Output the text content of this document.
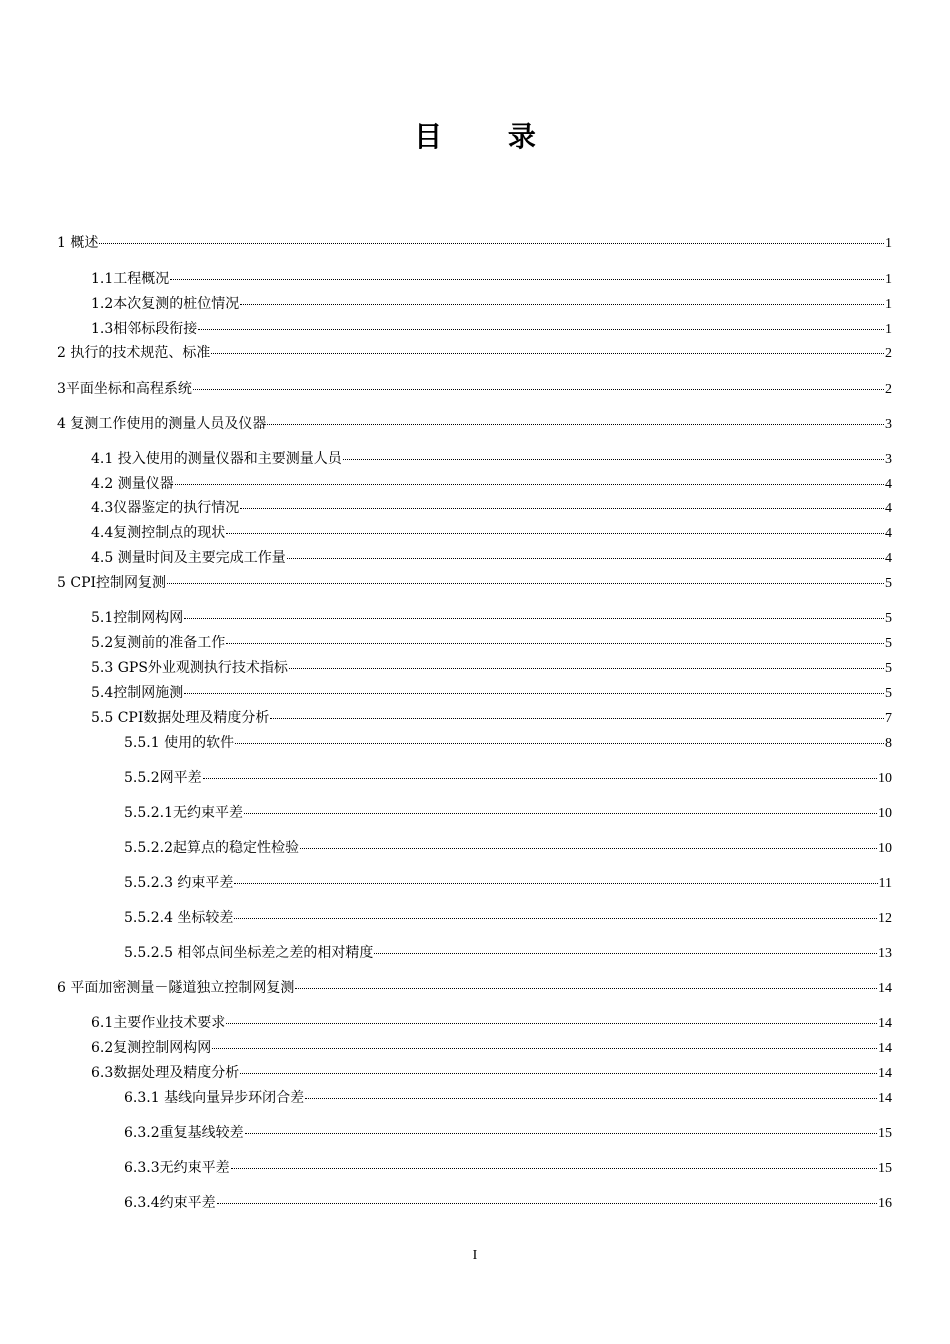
目 录
1 概述	1
1.1工程概况	1
1.2本次复测的桩位情况	1
1.3相邻标段衔接	1
2 执行的技术规范、标准	2
3平面坐标和高程系统	2
4 复测工作使用的测量人员及仪器	3
4.1 投入使用的测量仪器和主要测量人员	3
4.2 测量仪器	4
4.3仪器鉴定的执行情况	4
4.4复测控制点的现状	4
4.5 测量时间及主要完成工作量	4
5 CPⅠ控制网复测	5
5.1控制网构网	5
5.2复测前的准备工作	5
5.3 GPS外业观测执行技术指标	5
5.4控制网施测	5
5.5 CPⅠ数据处理及精度分析	7
5.5.1 使用的软件	8
5.5.2网平差	10
5.5.2.1无约束平差	10
5.5.2.2起算点的稳定性检验	10
5.5.2.3 约束平差	11
5.5.2.4 坐标较差	12
5.5.2.5 相邻点间坐标差之差的相对精度	13
6 平面加密测量－隧道独立控制网复测	14
6.1主要作业技术要求	14
6.2复测控制网构网	14
6.3数据处理及精度分析	14
6.3.1 基线向量异步环闭合差	14
6.3.2重复基线较差	15
6.3.3无约束平差	15
6.3.4约束平差	16
I
